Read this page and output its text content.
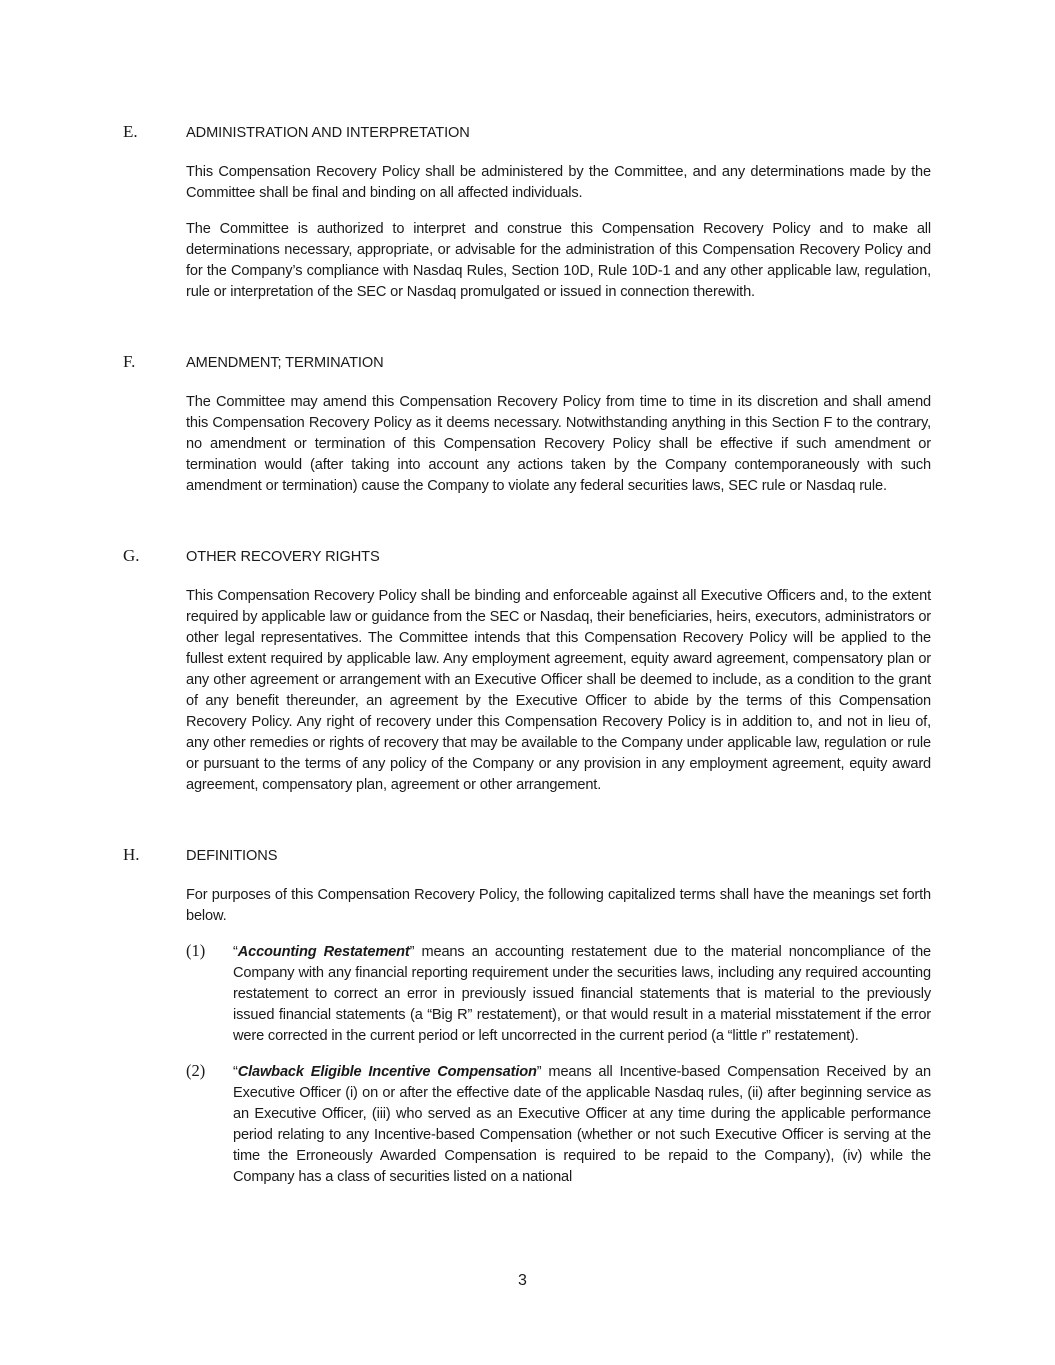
E.	ADMINISTRATION AND INTERPRETATION

This Compensation Recovery Policy shall be administered by the Committee, and any determinations made by the Committee shall be final and binding on all affected individuals.

The Committee is authorized to interpret and construe this Compensation Recovery Policy and to make all determinations necessary, appropriate, or advisable for the administration of this Compensation Recovery Policy and for the Company’s compliance with Nasdaq Rules, Section 10D, Rule 10D-1 and any other applicable law, regulation, rule or interpretation of the SEC or Nasdaq promulgated or issued in connection therewith.

F.	AMENDMENT; TERMINATION

The Committee may amend this Compensation Recovery Policy from time to time in its discretion and shall amend this Compensation Recovery Policy as it deems necessary. Notwithstanding anything in this Section F to the contrary, no amendment or termination of this Compensation Recovery Policy shall be effective if such amendment or termination would (after taking into account any actions taken by the Company contemporaneously with such amendment or termination) cause the Company to violate any federal securities laws, SEC rule or Nasdaq rule.

G.	OTHER RECOVERY RIGHTS

This Compensation Recovery Policy shall be binding and enforceable against all Executive Officers and, to the extent required by applicable law or guidance from the SEC or Nasdaq, their beneficiaries, heirs, executors, administrators or other legal representatives. The Committee intends that this Compensation Recovery Policy will be applied to the fullest extent required by applicable law. Any employment agreement, equity award agreement, compensatory plan or any other agreement or arrangement with an Executive Officer shall be deemed to include, as a condition to the grant of any benefit thereunder, an agreement by the Executive Officer to abide by the terms of this Compensation Recovery Policy. Any right of recovery under this Compensation Recovery Policy is in addition to, and not in lieu of, any other remedies or rights of recovery that may be available to the Company under applicable law, regulation or rule or pursuant to the terms of any policy of the Company or any provision in any employment agreement, equity award agreement, compensatory plan, agreement or other arrangement.

H.	DEFINITIONS

For purposes of this Compensation Recovery Policy, the following capitalized terms shall have the meanings set forth below.

(1) “Accounting Restatement” means an accounting restatement due to the material noncompliance of the Company with any financial reporting requirement under the securities laws, including any required accounting restatement to correct an error in previously issued financial statements that is material to the previously issued financial statements (a “Big R” restatement), or that would result in a material misstatement if the error were corrected in the current period or left uncorrected in the current period (a “little r” restatement).

(2) “Clawback Eligible Incentive Compensation” means all Incentive-based Compensation Received by an Executive Officer (i) on or after the effective date of the applicable Nasdaq rules, (ii) after beginning service as an Executive Officer, (iii) who served as an Executive Officer at any time during the applicable performance period relating to any Incentive-based Compensation (whether or not such Executive Officer is serving at the time the Erroneously Awarded Compensation is required to be repaid to the Company), (iv) while the Company has a class of securities listed on a national

3
